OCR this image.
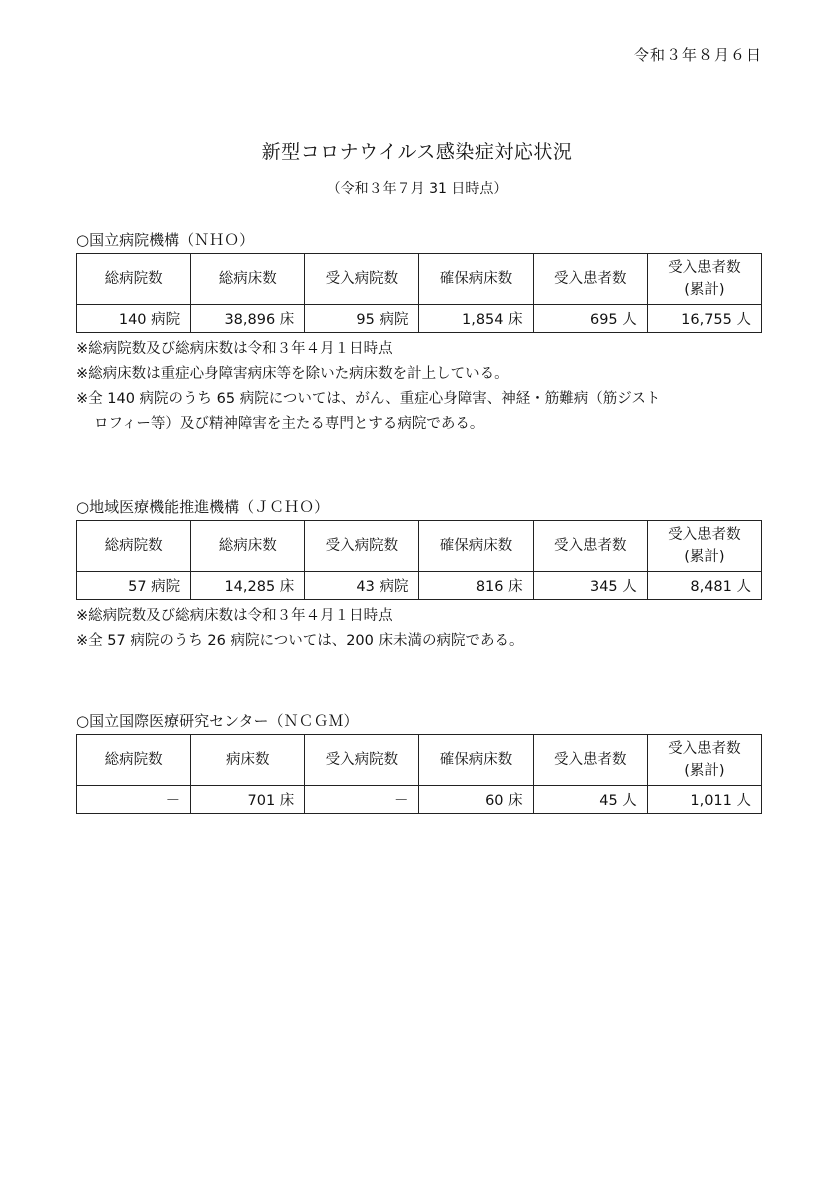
令和３年８月６日
新型コロナウイルス感染症対応状況
（令和３年７月 31 日時点）
○国立病院機構（ＮＨＯ）
総病院数	総病床数	受入病院数	確保病床数	受入患者数	受入患者数
(累計)
140 病院	38,896 床	95 病院	1,854 床	695 人	16,755 人
※総病院数及び総病床数は令和３年４月１日時点
※総病床数は重症心身障害病床等を除いた病床数を計上している。
※全 140 病院のうち 65 病院については、がん、重症心身障害、神経・筋難病（筋ジスト
ロフィー等）及び精神障害を主たる専門とする病院である。
○地域医療機能推進機構（ＪＣＨＯ）
総病院数	総病床数	受入病院数	確保病床数	受入患者数	受入患者数
(累計)
57 病院	14,285 床	43 病院	816 床	345 人	8,481 人
※総病院数及び総病床数は令和３年４月１日時点
※全 57 病院のうち 26 病院については、200 床未満の病院である。
○国立国際医療研究センター（ＮＣＧＭ）
総病院数	病床数	受入病院数	確保病床数	受入患者数	受入患者数
(累計)
－	701 床	－	60 床	45 人	1,011 人
